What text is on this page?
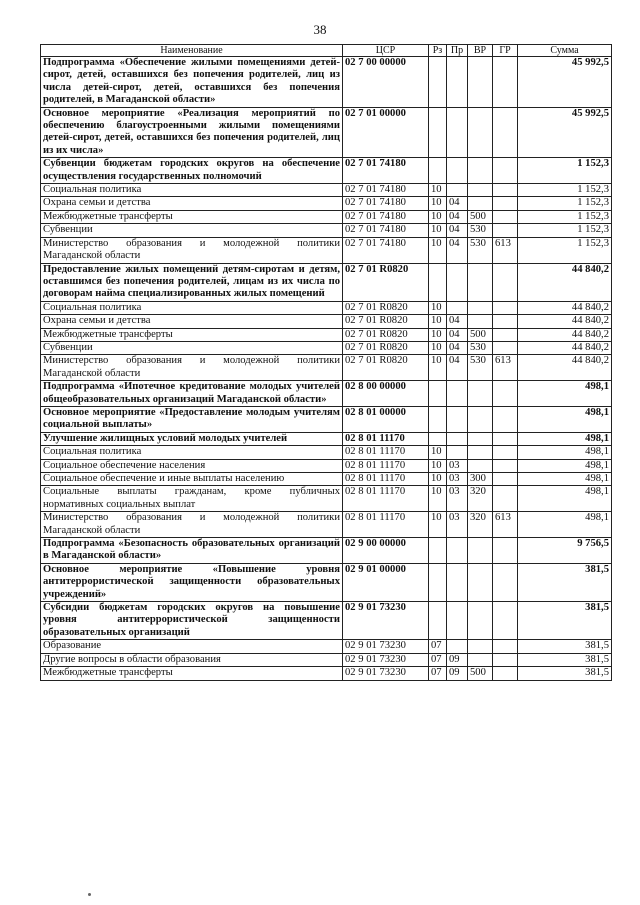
38
Наименование	ЦСР	Рз	Пр	ВР	ГР	Сумма
Подпрограмма «Обеспечение жилыми помещениями детей-сирот, детей, оставшихся без попечения родителей, лиц из числа детей-сирот, детей, оставшихся без попечения родителей, в Магаданской области»	02 7 00 00000					45 992,5
Основное мероприятие «Реализация мероприятий по обеспечению благоустроенными жилыми помещениями детей-сирот, детей, оставшихся без попечения родителей, лиц из их числа»	02 7 01 00000					45 992,5
Субвенции бюджетам городских округов на обеспечение осуществления государственных полномочий	02 7 01 74180					1 152,3
Социальная политика	02 7 01 74180	10				1 152,3
Охрана семьи и детства	02 7 01 74180	10	04			1 152,3
Межбюджетные трансферты	02 7 01 74180	10	04	500		1 152,3
Субвенции	02 7 01 74180	10	04	530		1 152,3
Министерство образования и молодежной политики Магаданской области	02 7 01 74180	10	04	530	613	1 152,3
Предоставление жилых помещений детям-сиротам и детям, оставшимся без попечения родителей, лицам из их числа по договорам найма специализированных жилых помещений	02 7 01 R0820					44 840,2
Социальная политика	02 7 01 R0820	10				44 840,2
Охрана семьи и детства	02 7 01 R0820	10	04			44 840,2
Межбюджетные трансферты	02 7 01 R0820	10	04	500		44 840,2
Субвенции	02 7 01 R0820	10	04	530		44 840,2
Министерство образования и молодежной политики Магаданской области	02 7 01 R0820	10	04	530	613	44 840,2
Подпрограмма «Ипотечное кредитование молодых учителей общеобразовательных организаций Магаданской области»	02 8 00 00000					498,1
Основное мероприятие «Предоставление молодым учителям социальной выплаты»	02 8 01 00000					498,1
Улучшение жилищных условий молодых учителей	02 8 01 11170					498,1
Социальная политика	02 8 01 11170	10				498,1
Социальное обеспечение населения	02 8 01 11170	10	03			498,1
Социальное обеспечение и иные выплаты населению	02 8 01 11170	10	03	300		498,1
Социальные выплаты гражданам, кроме публичных нормативных социальных выплат	02 8 01 11170	10	03	320		498,1
Министерство образования и молодежной политики Магаданской области	02 8 01 11170	10	03	320	613	498,1
Подпрограмма «Безопасность образовательных организаций в Магаданской области»	02 9 00 00000					9 756,5
Основное мероприятие «Повышение уровня антитеррористической защищенности образовательных учреждений»	02 9 01 00000					381,5
Субсидии бюджетам городских округов на повышение уровня антитеррористической защищенности образовательных организаций	02 9 01 73230					381,5
Образование	02 9 01 73230	07				381,5
Другие вопросы в области образования	02 9 01 73230	07	09			381,5
Межбюджетные трансферты	02 9 01 73230	07	09	500		381,5
